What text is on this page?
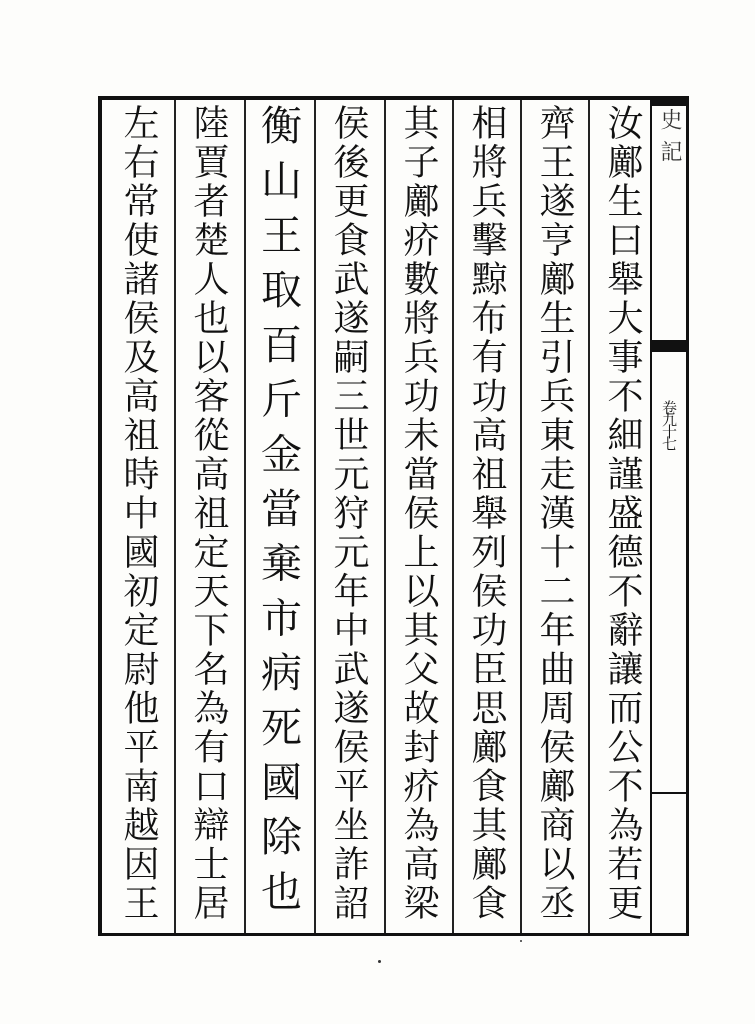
史記
卷九十七
汝鄺生曰舉大事不細謹盛德不辭讓而公不為若更
齊王遂亨鄺生引兵東走漢十二年曲周侯鄺商以丞
相將兵擊黥布有功高祖舉列侯功臣思鄺食其鄺食
其子鄺疥數將兵功未當侯上以其父故封疥為高梁
侯後更食武遂嗣三世元狩元年中武遂侯平坐詐詔
衡山王取百斤金當棄市病死國除也
陸賈者楚人也以客從高祖定天下名為有口辯士居
左右常使諸侯及高祖時中國初定尉他平南越因王
